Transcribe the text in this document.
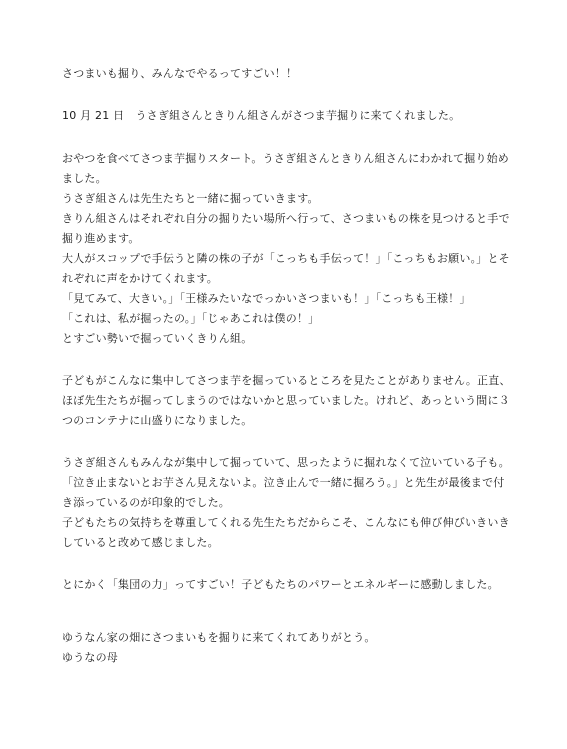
さつまいも掘り、みんなでやるってすごい！！
10 月 21 日　うさぎ組さんときりん組さんがさつま芋掘りに来てくれました。
おやつを食べてさつま芋掘りスタート。うさぎ組さんときりん組さんにわかれて掘り始め
ました。
うさぎ組さんは先生たちと一緒に掘っていきます。
きりん組さんはそれぞれ自分の掘りたい場所へ行って、さつまいもの株を見つけると手で
掘り進めます。
大人がスコップで手伝うと隣の株の子が「こっちも手伝って！」「こっちもお願い。」とそ
れぞれに声をかけてくれます。
「見てみて、大きい。」「王様みたいなでっかいさつまいも！」「こっちも王様！」
「これは、私が掘ったの。」「じゃあこれは僕の！」
とすごい勢いで掘っていくきりん組。
子どもがこんなに集中してさつま芋を掘っているところを見たことがありません。正直、
ほぼ先生たちが掘ってしまうのではないかと思っていました。けれど、あっという間に３
つのコンテナに山盛りになりました。
うさぎ組さんもみんなが集中して掘っていて、思ったように掘れなくて泣いている子も。
「泣き止まないとお芋さん見えないよ。泣き止んで一緒に掘ろう。」と先生が最後まで付
き添っているのが印象的でした。
子どもたちの気持ちを尊重してくれる先生たちだからこそ、こんなにも伸び伸びいきいき
していると改めて感じました。
とにかく「集団の力」ってすごい！子どもたちのパワーとエネルギーに感動しました。
ゆうなん家の畑にさつまいもを掘りに来てくれてありがとう。
ゆうなの母
